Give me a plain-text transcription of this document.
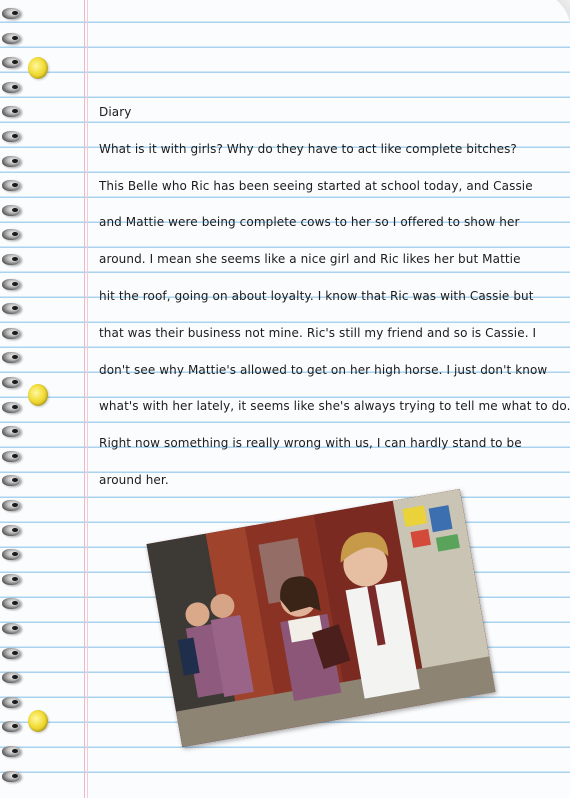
Diary
What is it with girls? Why do they have to act like complete bitches?
This Belle who Ric has been seeing started at school today, and Cassie
and Mattie were being complete cows to her so I offered to show her
around. I mean she seems like a nice girl and Ric likes her but Mattie
hit the roof, going on about loyalty. I know that Ric was with Cassie but
that was their business not mine. Ric's still my friend and so is Cassie. I
don't see why Mattie's allowed to get on her high horse. I just don't know
what's with her lately, it seems like she's always trying to tell me what to do.
Right now something is really wrong with us, I can hardly stand to be
around her.
